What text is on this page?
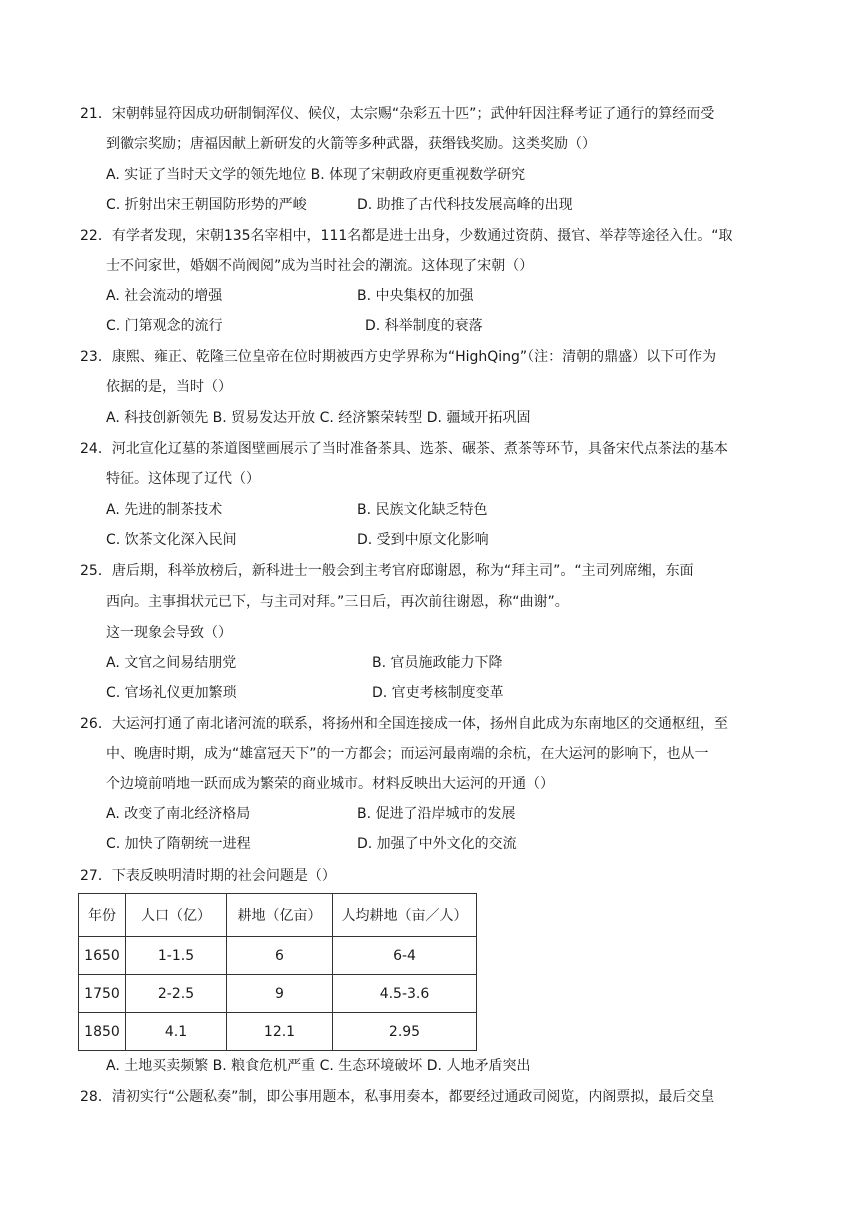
21．宋朝韩显符因成功研制铜浑仪、候仪，太宗赐“杂彩五十匹”；武仲轩因注释考证了通行的算经而受
到徽宗奖励；唐福因献上新研发的火箭等多种武器，获缗钱奖励。这类奖励（）
A. 实证了当时天文学的领先地位 B. 体现了宋朝政府更重视数学研究
C. 折射出宋王朝国防形势的严峻	D. 助推了古代科技发展高峰的出现
22．有学者发现，宋朝135名宰相中，111名都是进士出身，少数通过资荫、摄官、举荐等途径入仕。“取
士不问家世，婚姻不尚阀阅”成为当时社会的潮流。这体现了宋朝（）
A. 社会流动的增强	B. 中央集权的加强
C. 门第观念的流行	D. 科举制度的衰落
23．康熙、雍正、乾隆三位皇帝在位时期被西方史学界称为“HighQing”（注：清朝的鼎盛）以下可作为
依据的是，当时（）
A. 科技创新领先 B. 贸易发达开放 C. 经济繁荣转型 D. 疆域开拓巩固
24．河北宣化辽墓的茶道图壁画展示了当时准备茶具、选茶、碾茶、煮茶等环节，具备宋代点茶法的基本
特征。这体现了辽代（）
A. 先进的制茶技术	B. 民族文化缺乏特色
C. 饮茶文化深入民间	D. 受到中原文化影响
25．唐后期，科举放榜后，新科进士一般会到主考官府邸谢恩，称为“拜主司”。“主司列席缃，东面
西向。主事揖状元已下，与主司对拜。”三日后，再次前往谢恩，称“曲谢”。
这一现象会导致（）
A. 文官之间易结朋党	B. 官员施政能力下降
C. 官场礼仪更加繁琐	D. 官吏考核制度变革
26．大运河打通了南北诸河流的联系，将扬州和全国连接成一体，扬州自此成为东南地区的交通枢纽，至
中、晚唐时期，成为“雄富冠天下”的一方都会；而运河最南端的余杭，在大运河的影响下，也从一
个边境前哨地一跃而成为繁荣的商业城市。材料反映出大运河的开通（）
A. 改变了南北经济格局	B. 促进了沿岸城市的发展
C. 加快了隋朝统一进程	D. 加强了中外文化的交流
27．下表反映明清时期的社会问题是（）
年份	人口（亿）	耕地（亿亩）	人均耕地（亩／人）
1650	1-1.5	6	6-4
1750	2-2.5	9	4.5-3.6
1850	4.1	12.1	2.95
A. 土地买卖频繁 B. 粮食危机严重 C. 生态环境破坏 D. 人地矛盾突出
28．清初实行“公题私奏”制，即公事用题本，私事用奏本，都要经过通政司阅览，内阁票拟，最后交皇
